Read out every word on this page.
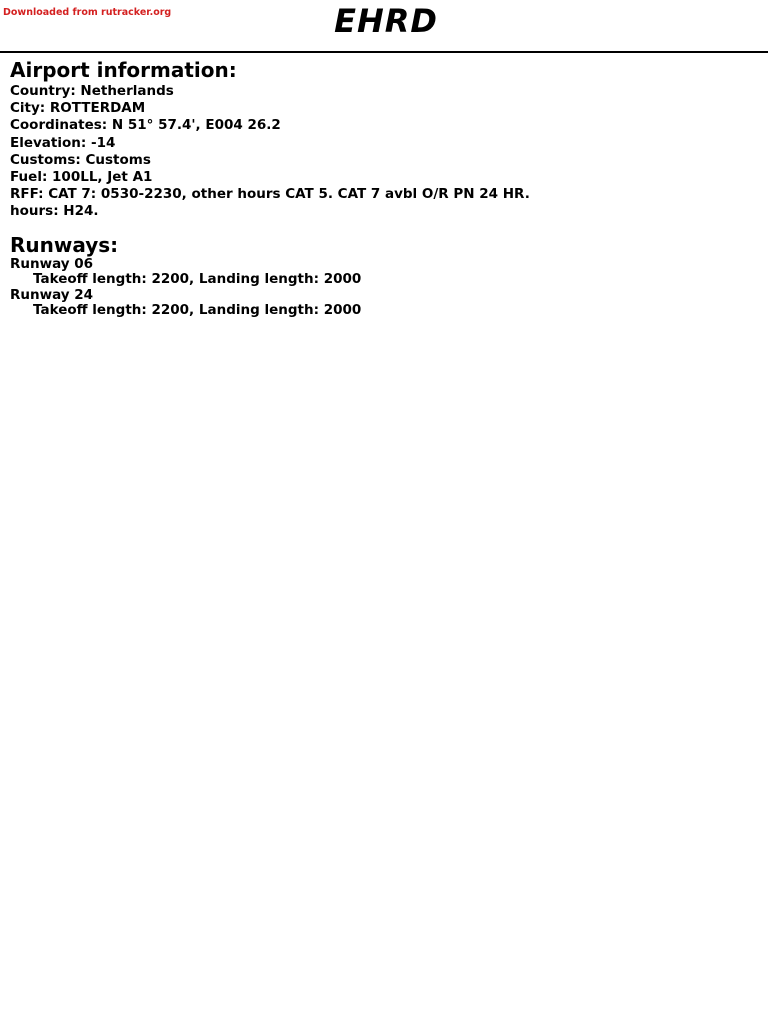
Downloaded from rutracker.org	EHRD
Airport information:
Country: Netherlands
City: ROTTERDAM
Coordinates: N 51° 57.4', E004 26.2
Elevation: -14
Customs: Customs
Fuel: 100LL, Jet A1
RFF: CAT 7: 0530-2230, other hours CAT 5. CAT 7 avbl O/R PN 24 HR.
hours: H24.
Runways:
Runway 06
Takeoff length: 2200, Landing length: 2000
Runway 24
Takeoff length: 2200, Landing length: 2000
